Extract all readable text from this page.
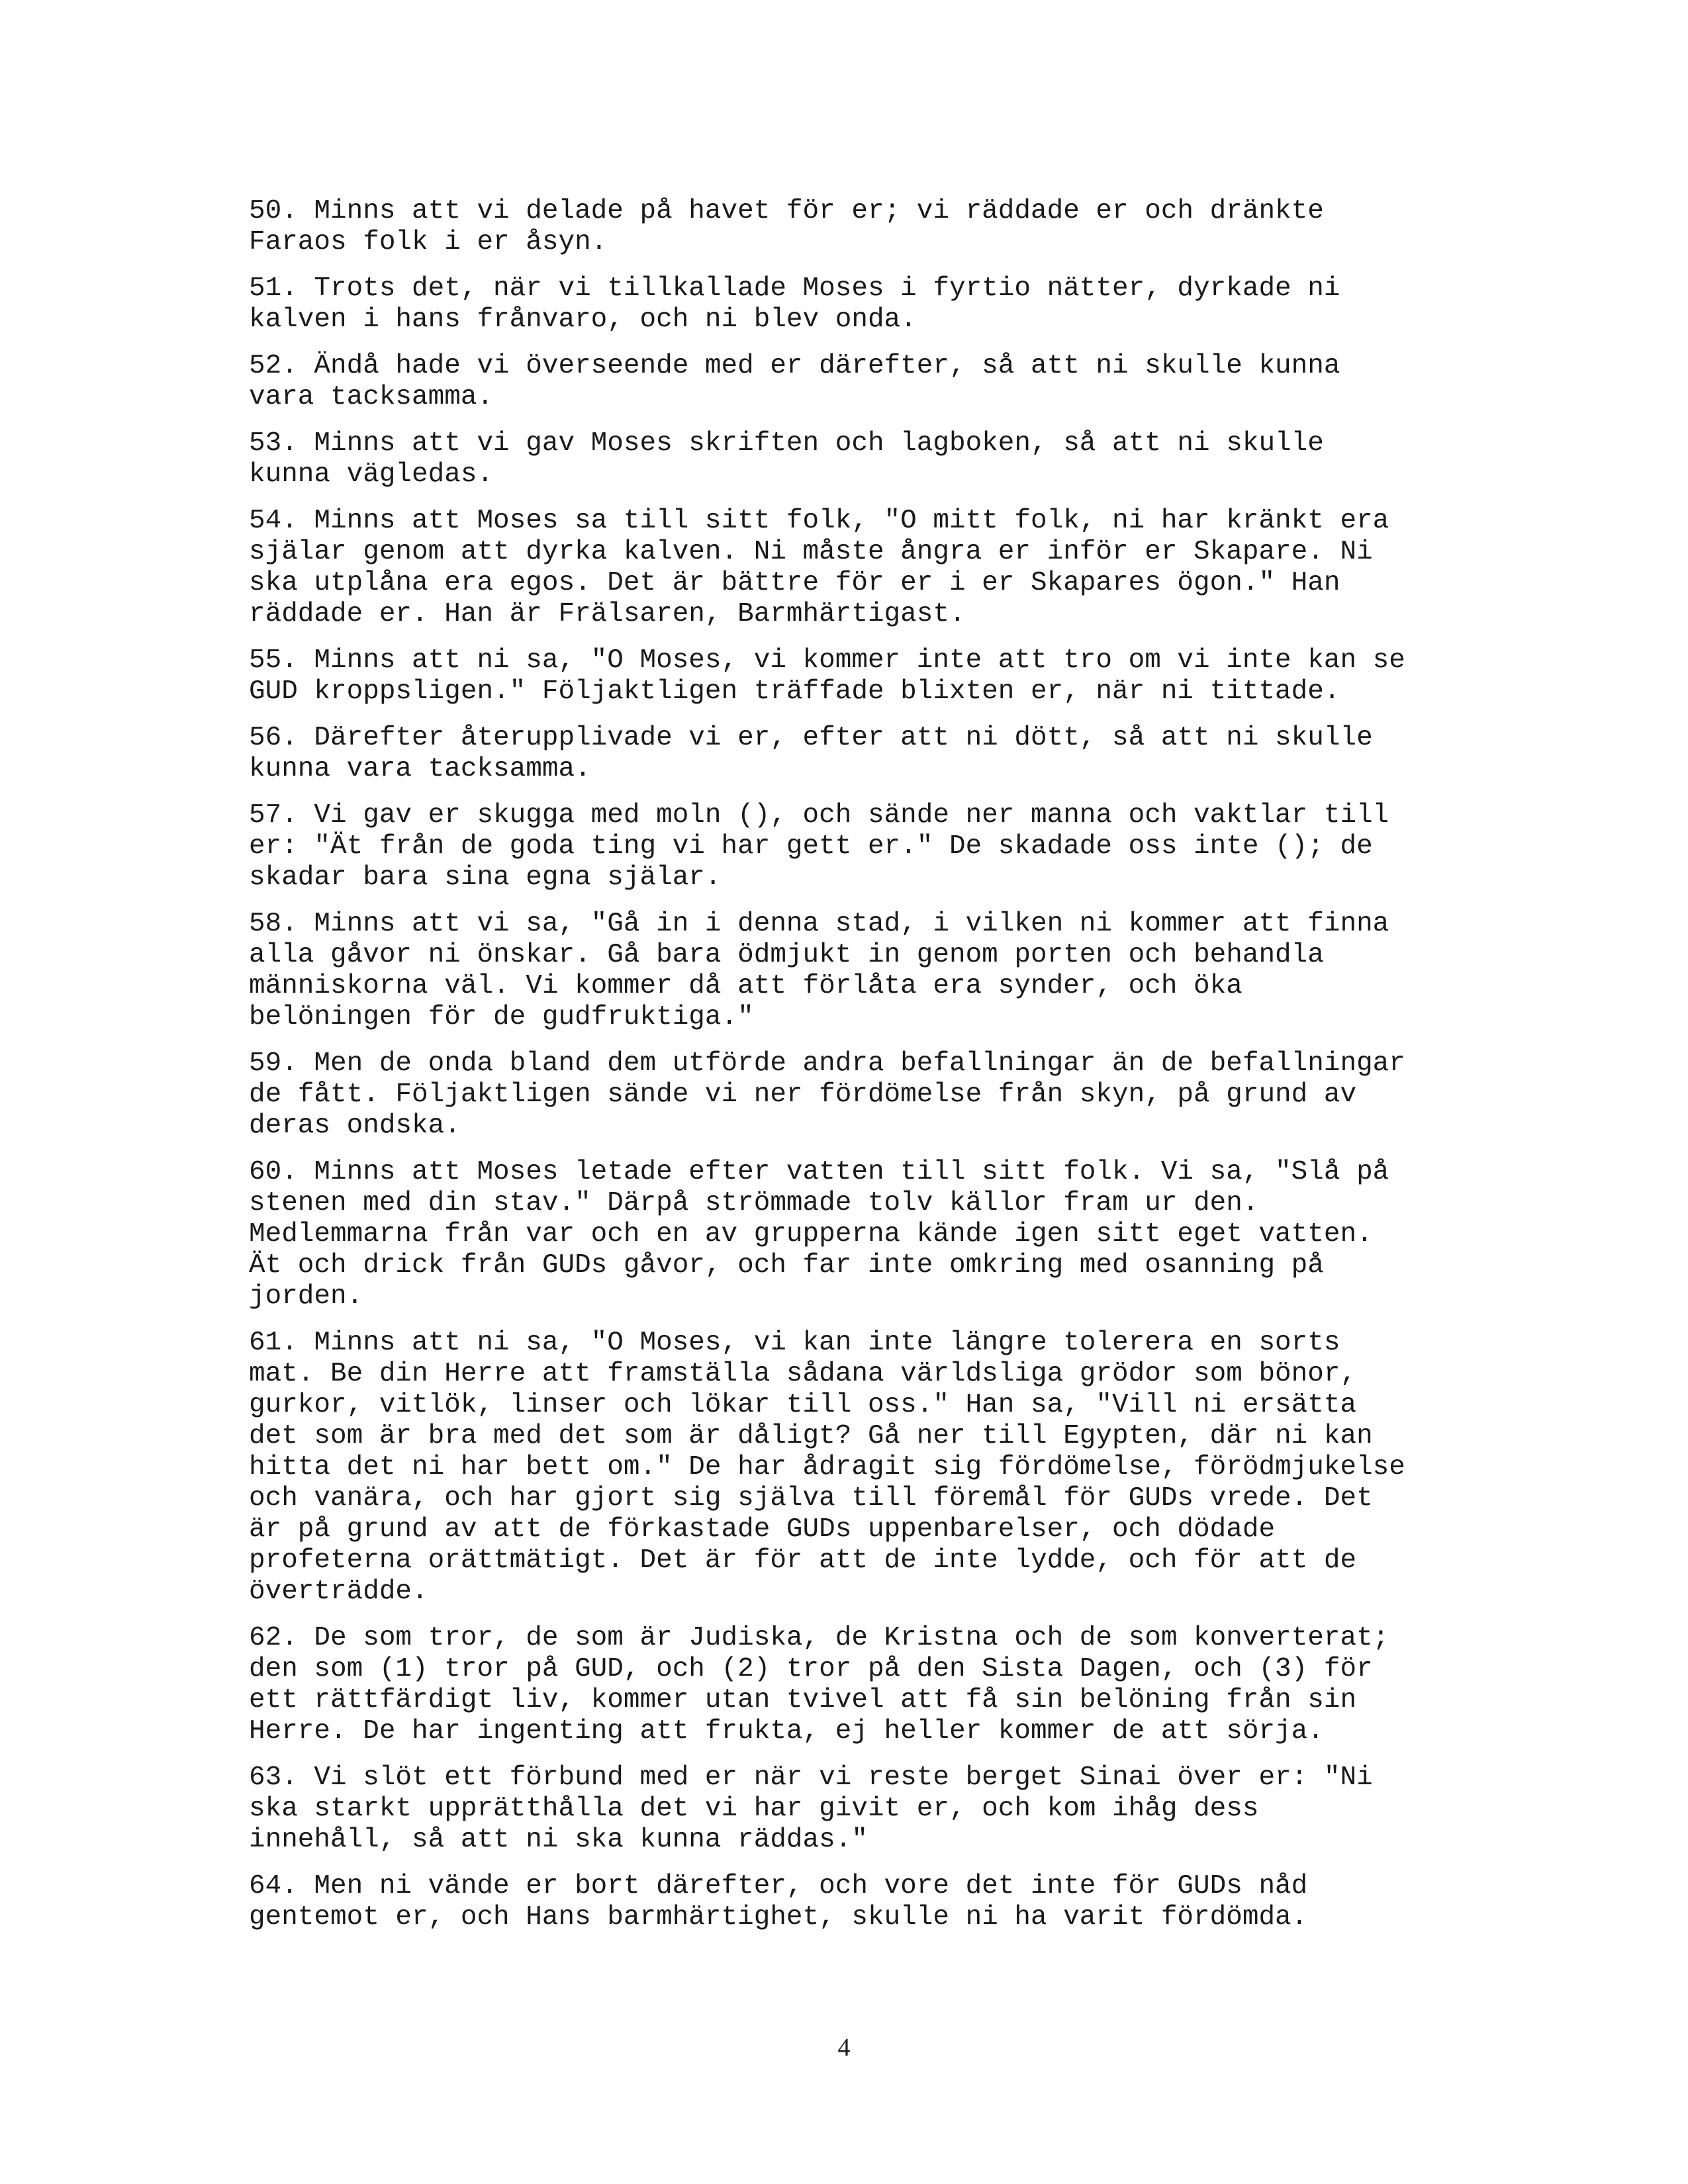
50. Minns att vi delade på havet för er; vi räddade er och dränkte
Faraos folk i er åsyn.

51. Trots det, när vi tillkallade Moses i fyrtio nätter, dyrkade ni
kalven i hans frånvaro, och ni blev onda.

52. Ändå hade vi överseende med er därefter, så att ni skulle kunna
vara tacksamma.

53. Minns att vi gav Moses skriften och lagboken, så att ni skulle
kunna vägledas.

54. Minns att Moses sa till sitt folk, "O mitt folk, ni har kränkt era
själar genom att dyrka kalven. Ni måste ångra er inför er Skapare. Ni
ska utplåna era egos. Det är bättre för er i er Skapares ögon." Han
räddade er. Han är Frälsaren, Barmhärtigast.

55. Minns att ni sa, "O Moses, vi kommer inte att tro om vi inte kan se
GUD kroppsligen." Följaktligen träffade blixten er, när ni tittade.

56. Därefter återupplivade vi er, efter att ni dött, så att ni skulle
kunna vara tacksamma.

57. Vi gav er skugga med moln (), och sände ner manna och vaktlar till
er: "Ät från de goda ting vi har gett er." De skadade oss inte (); de
skadar bara sina egna själar.

58. Minns att vi sa, "Gå in i denna stad, i vilken ni kommer att finna
alla gåvor ni önskar. Gå bara ödmjukt in genom porten och behandla
människorna väl. Vi kommer då att förlåta era synder, och öka
belöningen för de gudfruktiga."

59. Men de onda bland dem utförde andra befallningar än de befallningar
de fått. Följaktligen sände vi ner fördömelse från skyn, på grund av
deras ondska.

60. Minns att Moses letade efter vatten till sitt folk. Vi sa, "Slå på
stenen med din stav." Därpå strömmade tolv källor fram ur den.
Medlemmarna från var och en av grupperna kände igen sitt eget vatten.
Ät och drick från GUDs gåvor, och far inte omkring med osanning på
jorden.

61. Minns att ni sa, "O Moses, vi kan inte längre tolerera en sorts
mat. Be din Herre att framställa sådana världsliga grödor som bönor,
gurkor, vitlök, linser och lökar till oss." Han sa, "Vill ni ersätta
det som är bra med det som är dåligt? Gå ner till Egypten, där ni kan
hitta det ni har bett om." De har ådragit sig fördömelse, förödmjukelse
och vanära, och har gjort sig själva till föremål för GUDs vrede. Det
är på grund av att de förkastade GUDs uppenbarelser, och dödade
profeterna orättmätigt. Det är för att de inte lydde, och för att de
överträdde.

62. De som tror, de som är Judiska, de Kristna och de som konverterat;
den som (1) tror på GUD, och (2) tror på den Sista Dagen, och (3) för
ett rättfärdigt liv, kommer utan tvivel att få sin belöning från sin
Herre. De har ingenting att frukta, ej heller kommer de att sörja.

63. Vi slöt ett förbund med er när vi reste berget Sinai över er: "Ni
ska starkt upprätthålla det vi har givit er, och kom ihåg dess
innehåll, så att ni ska kunna räddas."

64. Men ni vände er bort därefter, och vore det inte för GUDs nåd
gentemot er, och Hans barmhärtighet, skulle ni ha varit fördömda.

4
